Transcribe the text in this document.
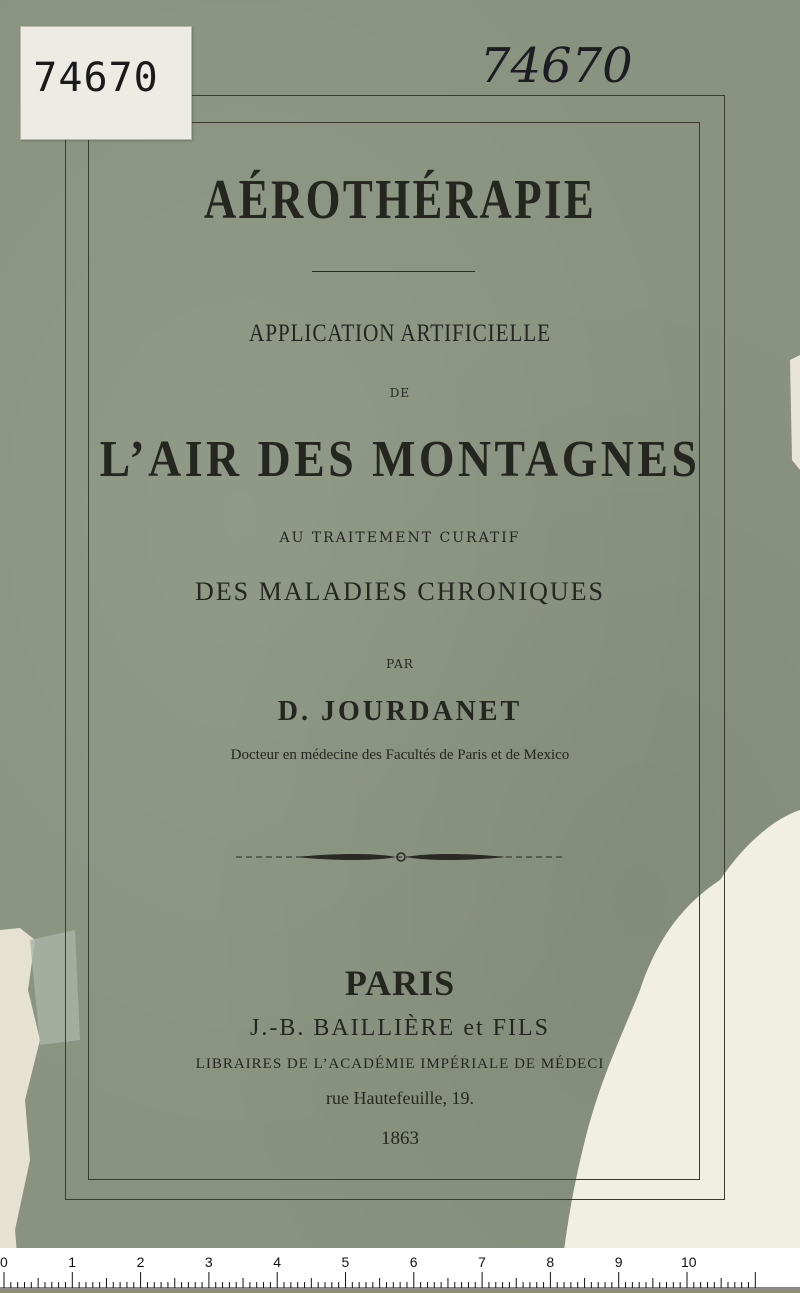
74670	74670
AÉROTHÉRAPIE
APPLICATION ARTIFICIELLE
DE
L’AIR DES MONTAGNES
AU TRAITEMENT CURATIF
DES MALADIES CHRONIQUES
PAR
D. JOURDANET
Docteur en médecine des Facultés de Paris et de Mexico
PARIS
J.-B. BAILLIÈRE et FILS
LIBRAIRES DE L’ACADÉMIE IMPÉRIALE DE MÉDECI
rue Hautefeuille, 19.
1863
0	1	2	3	4	5	6	7	8	9	10
